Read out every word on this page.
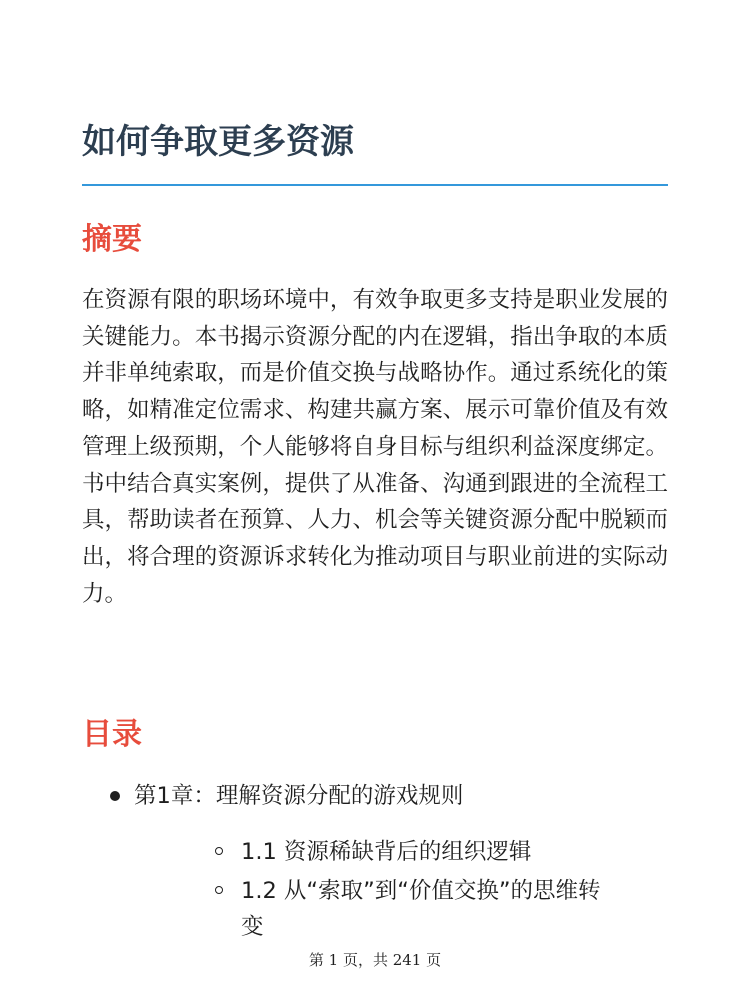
如何争取更多资源
摘要

在资源有限的职场环境中，有效争取更多支持是职业发展的关键能力。本书揭示资源分配的内在逻辑，指出争取的本质并非单纯索取，而是价值交换与战略协作。通过系统化的策略，如精准定位需求、构建共赢方案、展示可靠价值及有效管理上级预期，个人能够将自身目标与组织利益深度绑定。书中结合真实案例，提供了从准备、沟通到跟进的全流程工具，帮助读者在预算、人力、机会等关键资源分配中脱颖而出，将合理的资源诉求转化为推动项目与职业前进的实际动力。

目录
第1章：理解资源分配的游戏规则
1.1 资源稀缺背后的组织逻辑
1.2 从“索取”到“价值交换”的思维转变
第 1 页，共 241 页
